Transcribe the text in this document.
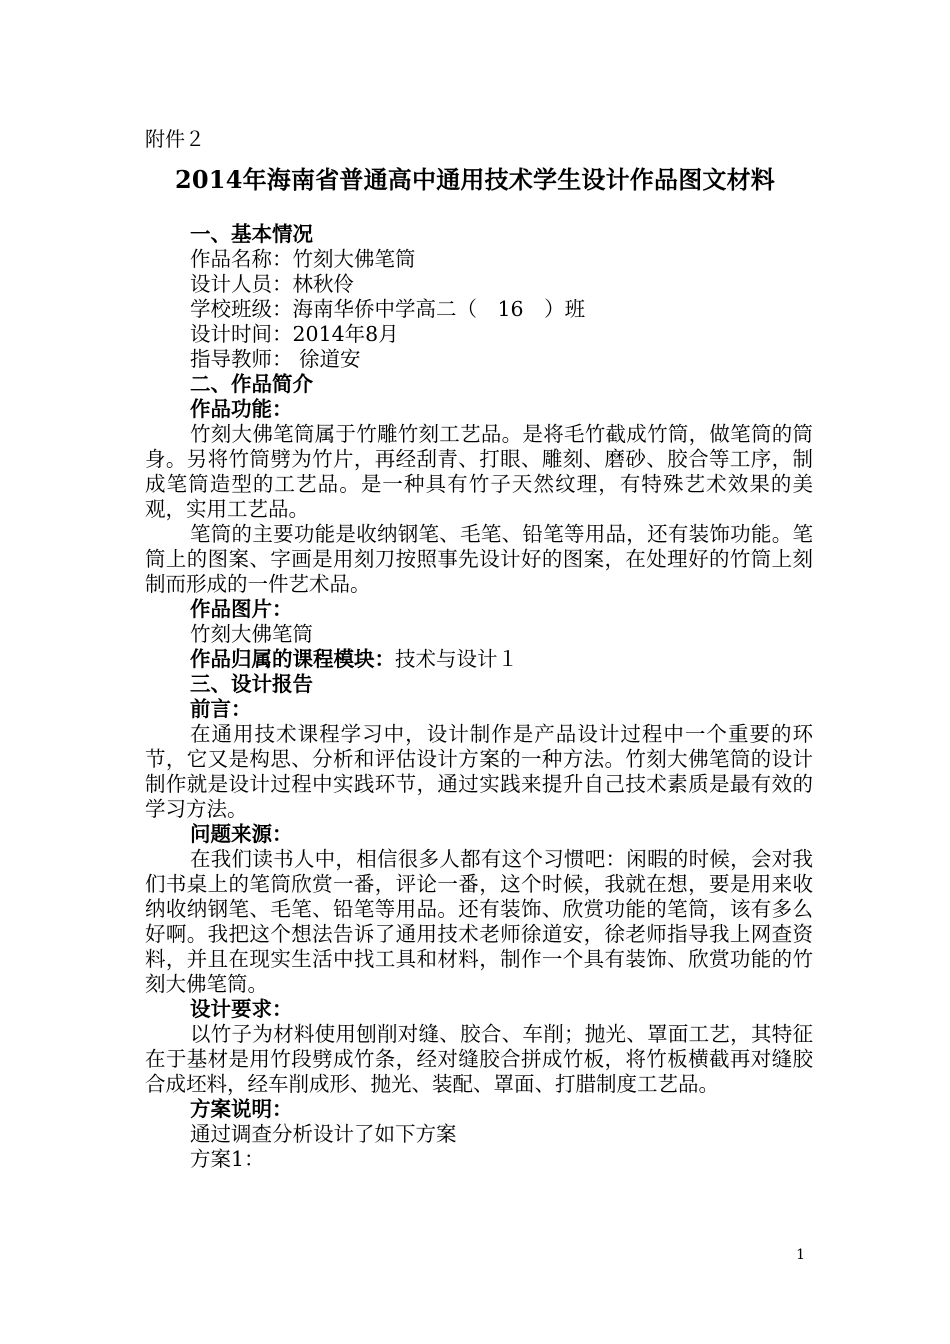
附件２
2014年海南省普通高中通用技术学生设计作品图文材料

一、基本情况

作品名称：竹刻大佛笔筒

设计人员：林秋伶

学校班级：海南华侨中学高二（　16　）班

设计时间：2014年8月

指导教师： 徐道安

二、作品简介

作品功能：

竹刻大佛笔筒属于竹雕竹刻工艺品。是将毛竹截成竹筒，做笔筒的筒身。另将竹筒劈为竹片，再经刮青、打眼、雕刻、磨砂、胶合等工序，制成笔筒造型的工艺品。是一种具有竹子天然纹理，有特殊艺术效果的美观，实用工艺品。

笔筒的主要功能是收纳钢笔、毛笔、铅笔等用品，还有装饰功能。笔筒上的图案、字画是用刻刀按照事先设计好的图案，在处理好的竹筒上刻制而形成的一件艺术品。

作品图片：

竹刻大佛笔筒

作品归属的课程模块：技术与设计１

三、设计报告

前言：

在通用技术课程学习中，设计制作是产品设计过程中一个重要的环节，它又是构思、分析和评估设计方案的一种方法。竹刻大佛笔筒的设计制作就是设计过程中实践环节，通过实践来提升自己技术素质是最有效的学习方法。

问题来源：

在我们读书人中，相信很多人都有这个习惯吧：闲暇的时候，会对我们书桌上的笔筒欣赏一番，评论一番，这个时候，我就在想，要是用来收纳收纳钢笔、毛笔、铅笔等用品。还有装饰、欣赏功能的笔筒，该有多么好啊。我把这个想法告诉了通用技术老师徐道安，徐老师指导我上网查资料，并且在现实生活中找工具和材料，制作一个具有装饰、欣赏功能的竹刻大佛笔筒。

设计要求：

以竹子为材料使用刨削对缝、胶合、车削；抛光、罩面工艺，其特征在于基材是用竹段劈成竹条，经对缝胶合拼成竹板，将竹板横截再对缝胶合成坯料，经车削成形、抛光、装配、罩面、打腊制度工艺品。

方案说明：

通过调查分析设计了如下方案

方案1：

1
